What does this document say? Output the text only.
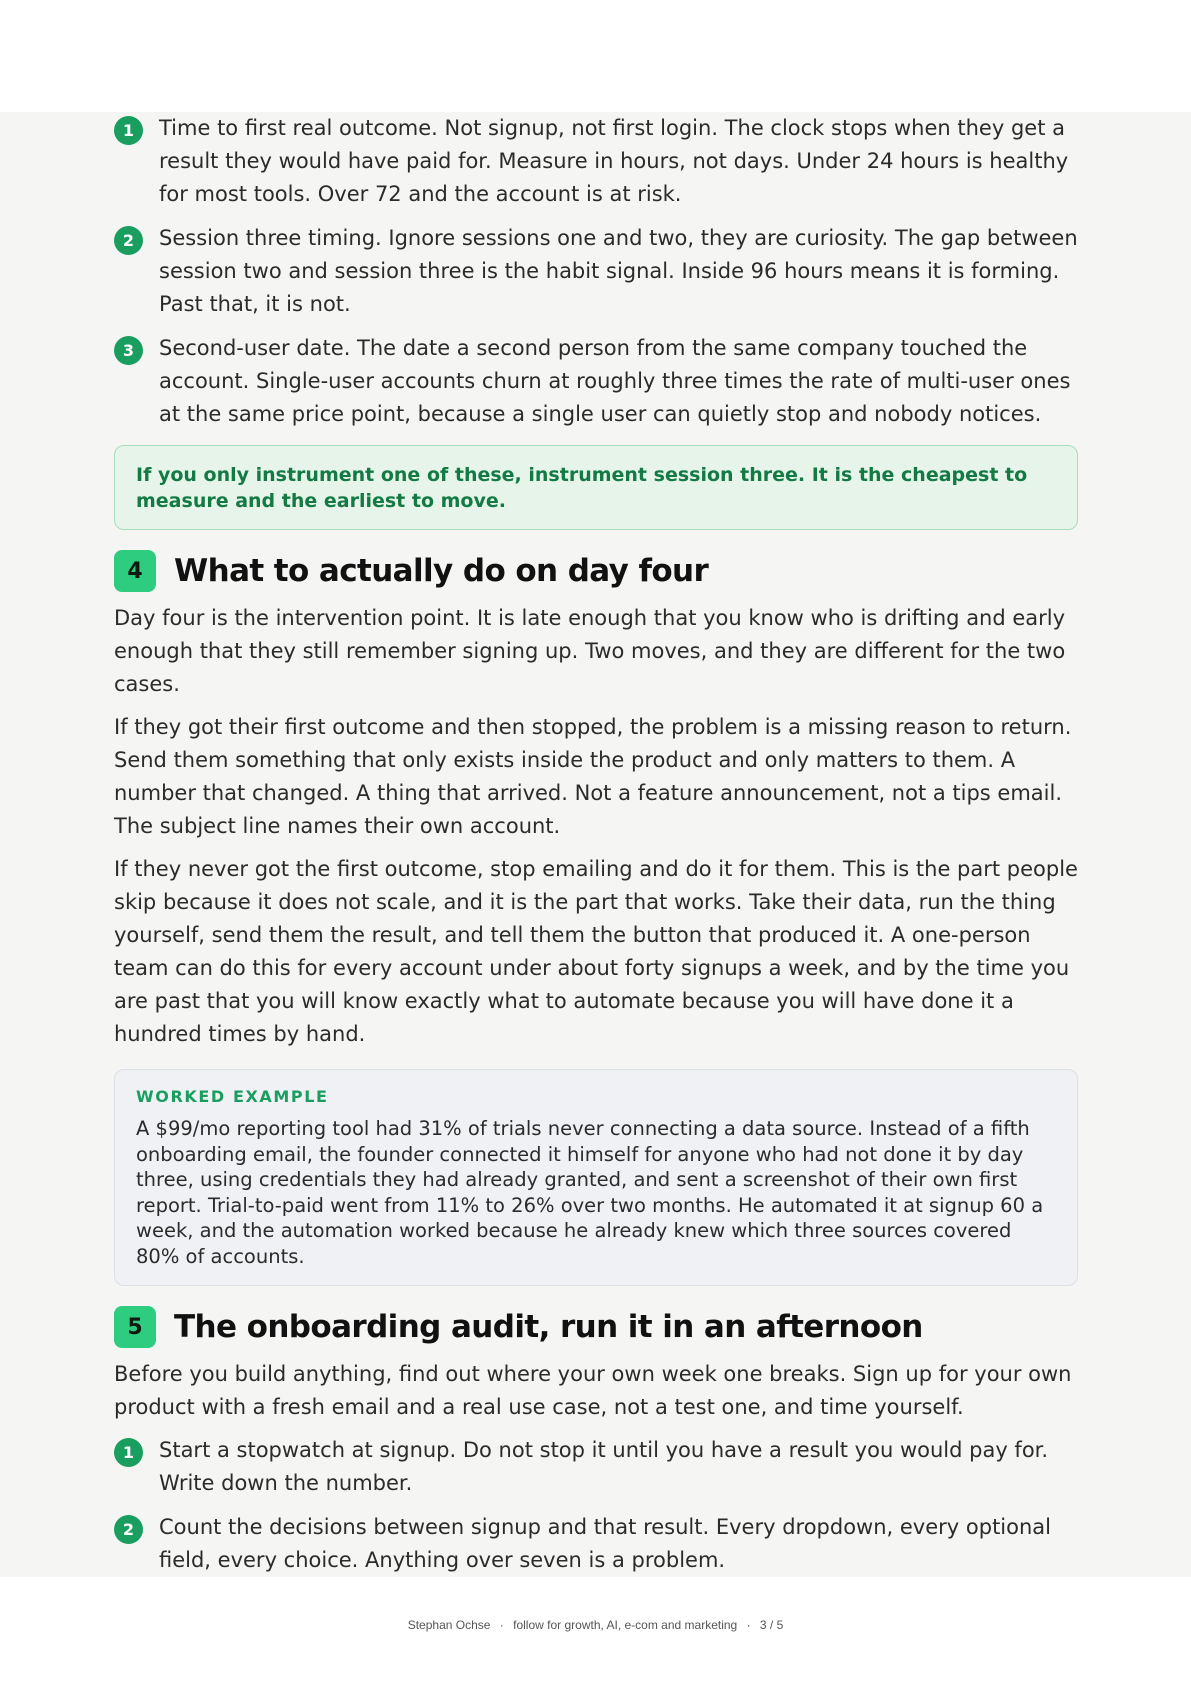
1	Time to first real outcome. Not signup, not first login. The clock stops when they get a result they would have paid for. Measure in hours, not days. Under 24 hours is healthy for most tools. Over 72 and the account is at risk.
2	Session three timing. Ignore sessions one and two, they are curiosity. The gap between session two and session three is the habit signal. Inside 96 hours means it is forming. Past that, it is not.
3	Second-user date. The date a second person from the same company touched the account. Single-user accounts churn at roughly three times the rate of multi-user ones at the same price point, because a single user can quietly stop and nobody notices.
If you only instrument one of these, instrument session three. It is the cheapest to measure and the earliest to move.
4	What to actually do on day four

Day four is the intervention point. It is late enough that you know who is drifting and early enough that they still remember signing up. Two moves, and they are different for the two cases.

If they got their first outcome and then stopped, the problem is a missing reason to return. Send them something that only exists inside the product and only matters to them. A number that changed. A thing that arrived. Not a feature announcement, not a tips email. The subject line names their own account.

If they never got the first outcome, stop emailing and do it for them. This is the part people skip because it does not scale, and it is the part that works. Take their data, run the thing yourself, send them the result, and tell them the button that produced it. A one-person team can do this for every account under about forty signups a week, and by the time you are past that you will know exactly what to automate because you will have done it a hundred times by hand.

WORKED EXAMPLE
A $99/mo reporting tool had 31% of trials never connecting a data source. Instead of a fifth onboarding email, the founder connected it himself for anyone who had not done it by day three, using credentials they had already granted, and sent a screenshot of their own first report. Trial-to-paid went from 11% to 26% over two months. He automated it at signup 60 a week, and the automation worked because he already knew which three sources covered 80% of accounts.
5	The onboarding audit, run it in an afternoon

Before you build anything, find out where your own week one breaks. Sign up for your own product with a fresh email and a real use case, not a test one, and time yourself.

1	Start a stopwatch at signup. Do not stop it until you have a result you would pay for. Write down the number.
2	Count the decisions between signup and that result. Every dropdown, every optional field, every choice. Anything over seven is a problem.
Stephan Ochse · follow for growth, AI, e-com and marketing · 3 / 5
